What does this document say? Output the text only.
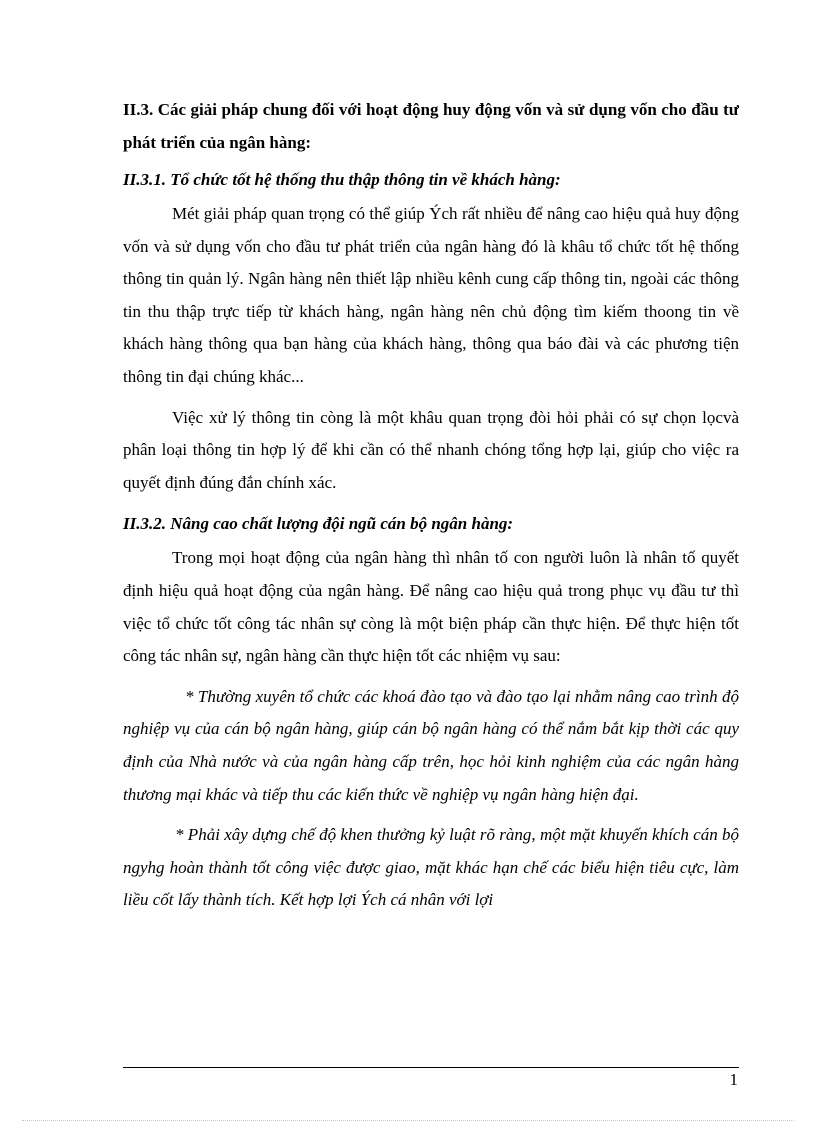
II.3. Các giải pháp chung đối với hoạt động huy động vốn và sử dụng vốn cho đầu tư phát triển của ngân hàng:

II.3.1. Tổ chức tốt hệ thống thu thập thông tin về khách hàng:

Mét giải pháp quan trọng có thể giúp Ých rất nhiều để nâng cao hiệu quả huy động vốn và sử dụng vốn cho đầu tư phát triển của ngân hàng đó là khâu tổ chức tốt hệ thống thông tin quản lý. Ngân hàng nên thiết lập nhiều kênh cung cấp thông tin, ngoài các thông tin thu thập trực tiếp từ khách hàng, ngân hàng nên chủ động tìm kiếm thoong tin về khách hàng thông qua bạn hàng của khách hàng, thông qua báo đài và các phương tiện thông tin đại chúng khác...

Việc xử lý thông tin còng là một khâu quan trọng đòi hỏi phải có sự chọn lọcvà phân loại thông tin hợp lý để khi cần có thể nhanh chóng tổng hợp lại, giúp cho việc ra quyết định đúng đắn chính xác.

II.3.2. Nâng cao chất lượng đội ngũ cán bộ ngân hàng:

Trong mọi hoạt động của ngân hàng thì nhân tố con người luôn là nhân tố quyết định hiệu quả hoạt động của ngân hàng. Để nâng cao hiệu quả trong phục vụ đầu tư thì việc tổ chức tốt công tác nhân sự còng là một biện pháp cần thực hiện. Để thực hiện tốt công tác nhân sự, ngân hàng cần thực hiện tốt các nhiệm vụ sau:

* Thường xuyên tổ chức các khoá đào tạo và đào tạo lại nhằm nâng cao trình độ nghiệp vụ của cán bộ ngân hàng, giúp cán bộ ngân hàng có thể nắm bắt kịp thời các quy định của Nhà nước và của ngân hàng cấp trên, học hỏi kinh nghiệm của các ngân hàng thương mại khác và tiếp thu các kiến thức về nghiệp vụ ngân hàng hiện đại.

* Phải xây dựng chế độ khen thưởng kỷ luật rõ ràng, một mặt khuyến khích cán bộ ngyhg hoàn thành tốt công việc được giao, mặt khác hạn chế các biểu hiện tiêu cực, làm liều cốt lấy thành tích. Kết hợp lợi Ých cá nhân với lợi

1
